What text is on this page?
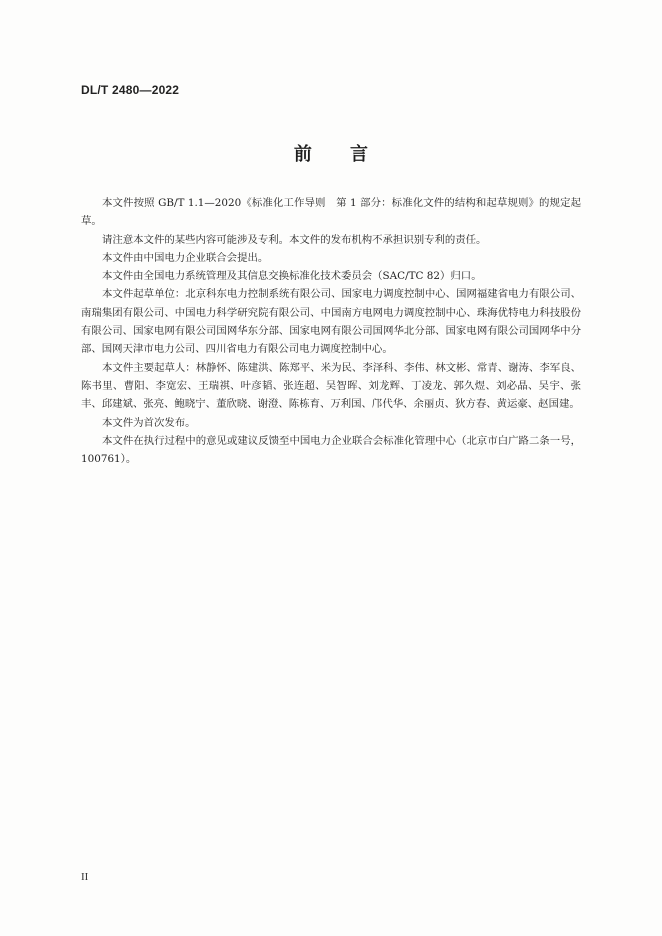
DL/T 2480—2022
前 言

本文件按照 GB/T 1.1—2020《标准化工作导则　第 1 部分：标准化文件的结构和起草规则》的规定起草。

请注意本文件的某些内容可能涉及专利。本文件的发布机构不承担识别专利的责任。

本文件由中国电力企业联合会提出。

本文件由全国电力系统管理及其信息交换标准化技术委员会（SAC/TC 82）归口。

本文件起草单位：北京科东电力控制系统有限公司、国家电力调度控制中心、国网福建省电力有限公司、南瑞集团有限公司、中国电力科学研究院有限公司、中国南方电网电力调度控制中心、珠海优特电力科技股份有限公司、国家电网有限公司国网华东分部、国家电网有限公司国网华北分部、国家电网有限公司国网华中分部、国网天津市电力公司、四川省电力有限公司电力调度控制中心。

本文件主要起草人：林静怀、陈建洪、陈郑平、米为民、李泽科、李伟、林文彬、常青、谢涛、李军良、陈书里、曹阳、李宽宏、王瑞祺、叶彦韬、张连超、吴智晖、刘龙辉、丁凌龙、郭久煜、刘必晶、吴宇、张丰、邱建斌、张亮、鲍晓宁、董欣晓、谢澄、陈栋育、万利国、邝代华、余丽贞、狄方春、黄运豪、赵国建。

本文件为首次发布。

本文件在执行过程中的意见或建议反馈至中国电力企业联合会标准化管理中心（北京市白广路二条一号，100761）。

II
